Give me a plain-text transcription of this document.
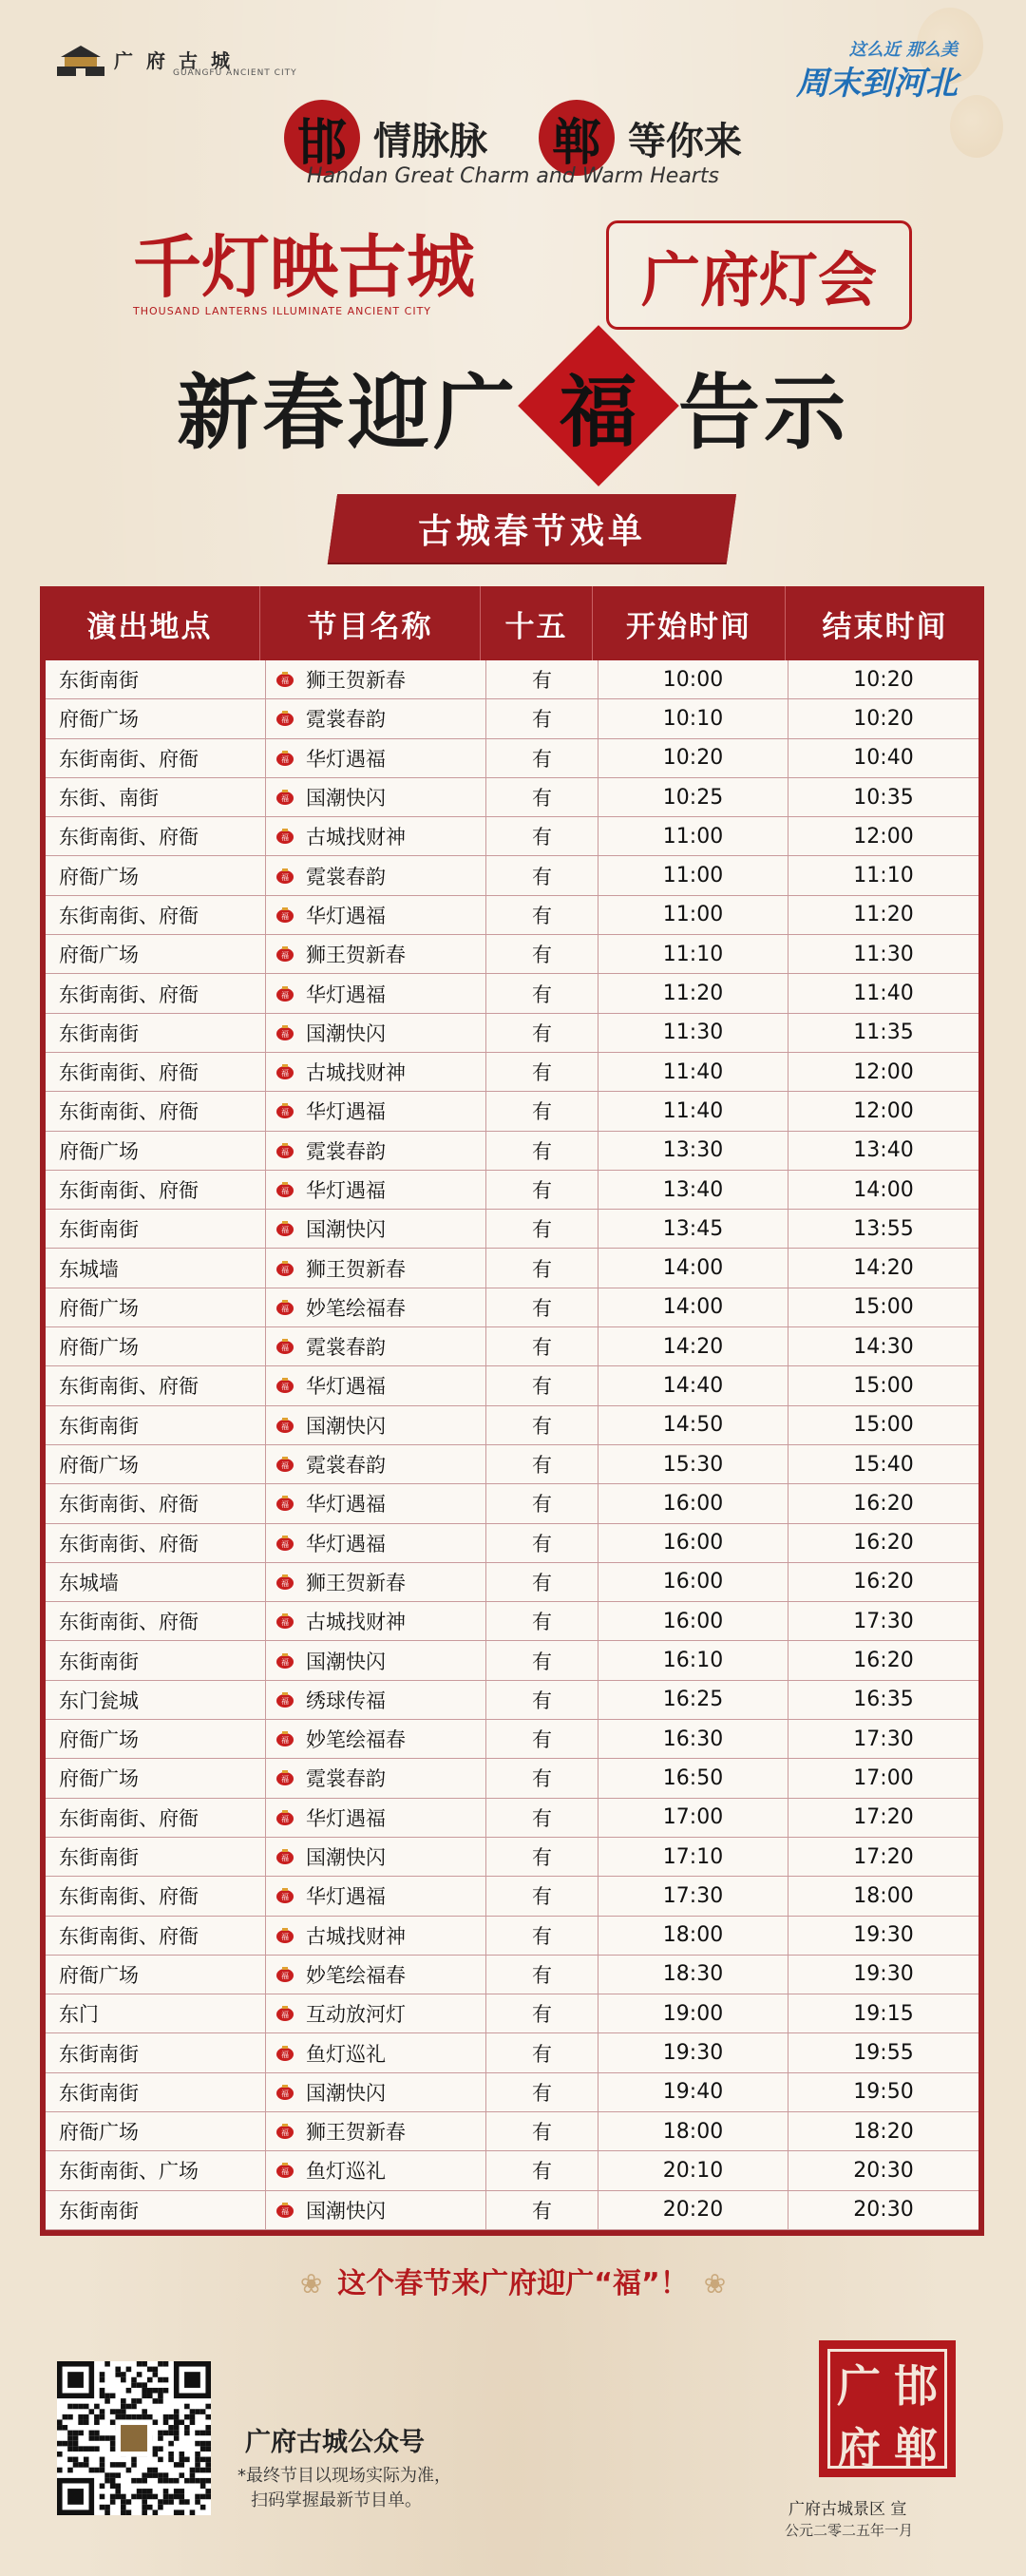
广府古城
GUANGFU ANCIENT CITY
这么近 那么美
周末到河北
邯 情脉脉 郸 等你来
Handan Great Charm and Warm Hearts
千灯映古城
THOUSAND LANTERNS ILLUMINATE ANCIENT CITY	广府灯会
新春迎广 福 告示
古城春节戏单
演出地点	节目名称	十五	开始时间	结束时间
东街南街	福 狮王贺新春	有	10:00	10:20
府衙广场	福 霓裳春韵	有	10:10	10:20
东街南街、府衙	福 华灯遇福	有	10:20	10:40
东街、南街	福 国潮快闪	有	10:25	10:35
东街南街、府衙	福 古城找财神	有	11:00	12:00
府衙广场	福 霓裳春韵	有	11:00	11:10
东街南街、府衙	福 华灯遇福	有	11:00	11:20
府衙广场	福 狮王贺新春	有	11:10	11:30
东街南街、府衙	福 华灯遇福	有	11:20	11:40
东街南街	福 国潮快闪	有	11:30	11:35
东街南街、府衙	福 古城找财神	有	11:40	12:00
东街南街、府衙	福 华灯遇福	有	11:40	12:00
府衙广场	福 霓裳春韵	有	13:30	13:40
东街南街、府衙	福 华灯遇福	有	13:40	14:00
东街南街	福 国潮快闪	有	13:45	13:55
东城墙	福 狮王贺新春	有	14:00	14:20
府衙广场	福 妙笔绘福春	有	14:00	15:00
府衙广场	福 霓裳春韵	有	14:20	14:30
东街南街、府衙	福 华灯遇福	有	14:40	15:00
东街南街	福 国潮快闪	有	14:50	15:00
府衙广场	福 霓裳春韵	有	15:30	15:40
东街南街、府衙	福 华灯遇福	有	16:00	16:20
东街南街、府衙	福 华灯遇福	有	16:00	16:20
东城墙	福 狮王贺新春	有	16:00	16:20
东街南街、府衙	福 古城找财神	有	16:00	17:30
东街南街	福 国潮快闪	有	16:10	16:20
东门瓮城	福 绣球传福	有	16:25	16:35
府衙广场	福 妙笔绘福春	有	16:30	17:30
府衙广场	福 霓裳春韵	有	16:50	17:00
东街南街、府衙	福 华灯遇福	有	17:00	17:20
东街南街	福 国潮快闪	有	17:10	17:20
东街南街、府衙	福 华灯遇福	有	17:30	18:00
东街南街、府衙	福 古城找财神	有	18:00	19:30
府衙广场	福 妙笔绘福春	有	18:30	19:30
东门	福 互动放河灯	有	19:00	19:15
东街南街	福 鱼灯巡礼	有	19:30	19:55
东街南街	福 国潮快闪	有	19:40	19:50
府衙广场	福 狮王贺新春	有	18:00	18:20
东街南街、广场	福 鱼灯巡礼	有	20:10	20:30
东街南街	福 国潮快闪	有	20:20	20:30
❀ 这个春节来广府迎广“福”！ ❀
广府古城公众号
*最终节目以现场实际为准，
扫码掌握最新节目单。
广 邯
府 郸
广府古城景区 宣
公元二零二五年一月
